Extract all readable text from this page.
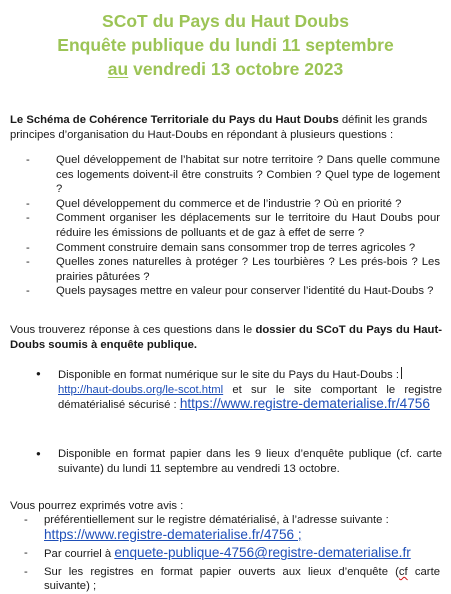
SCoT du Pays du Haut Doubs
Enquête publique du lundi 11 septembre
au vendredi 13 octobre 2023
Le Schéma de Cohérence Territoriale du Pays du Haut Doubs définit les grands principes d’organisation du Haut-Doubs en répondant à plusieurs questions :
- Quel développement de l’habitat sur notre territoire ? Dans quelle commune ces logements doivent-il être construits ? Combien ? Quel type de logement ?
- Quel développement du commerce et de l’industrie ? Où en priorité ?
- Comment organiser les déplacements sur le territoire du Haut Doubs pour réduire les émissions de polluants et de gaz à effet de serre ?
- Comment construire demain sans consommer trop de terres agricoles ?
- Quelles zones naturelles à protéger ? Les tourbières ? Les prés-bois ? Les prairies pâturées ?
- Quels paysages mettre en valeur pour conserver l’identité du Haut-Doubs ?
Vous trouverez réponse à ces questions dans le dossier du SCoT du Pays du Haut-Doubs soumis à enquête publique.
● Disponible en format numérique sur le site du Pays du Haut-Doubs :
http://haut-doubs.org/le-scot.html et sur le site comportant le registre dématérialisé sécurisé : https://www.registre-dematerialise.fr/4756
● Disponible en format papier dans les 9 lieux d’enquête publique (cf. carte suivante) du lundi 11 septembre au vendredi 13 octobre.
Vous pourrez exprimés votre avis :
- préférentiellement sur le registre dématérialisé, à l’adresse suivante :
https://www.registre-dematerialise.fr/4756 ;
- Par courriel à enquete-publique-4756@registre-dematerialise.fr
- Sur les registres en format papier ouverts aux lieux d’enquête (cf carte suivante) ;
